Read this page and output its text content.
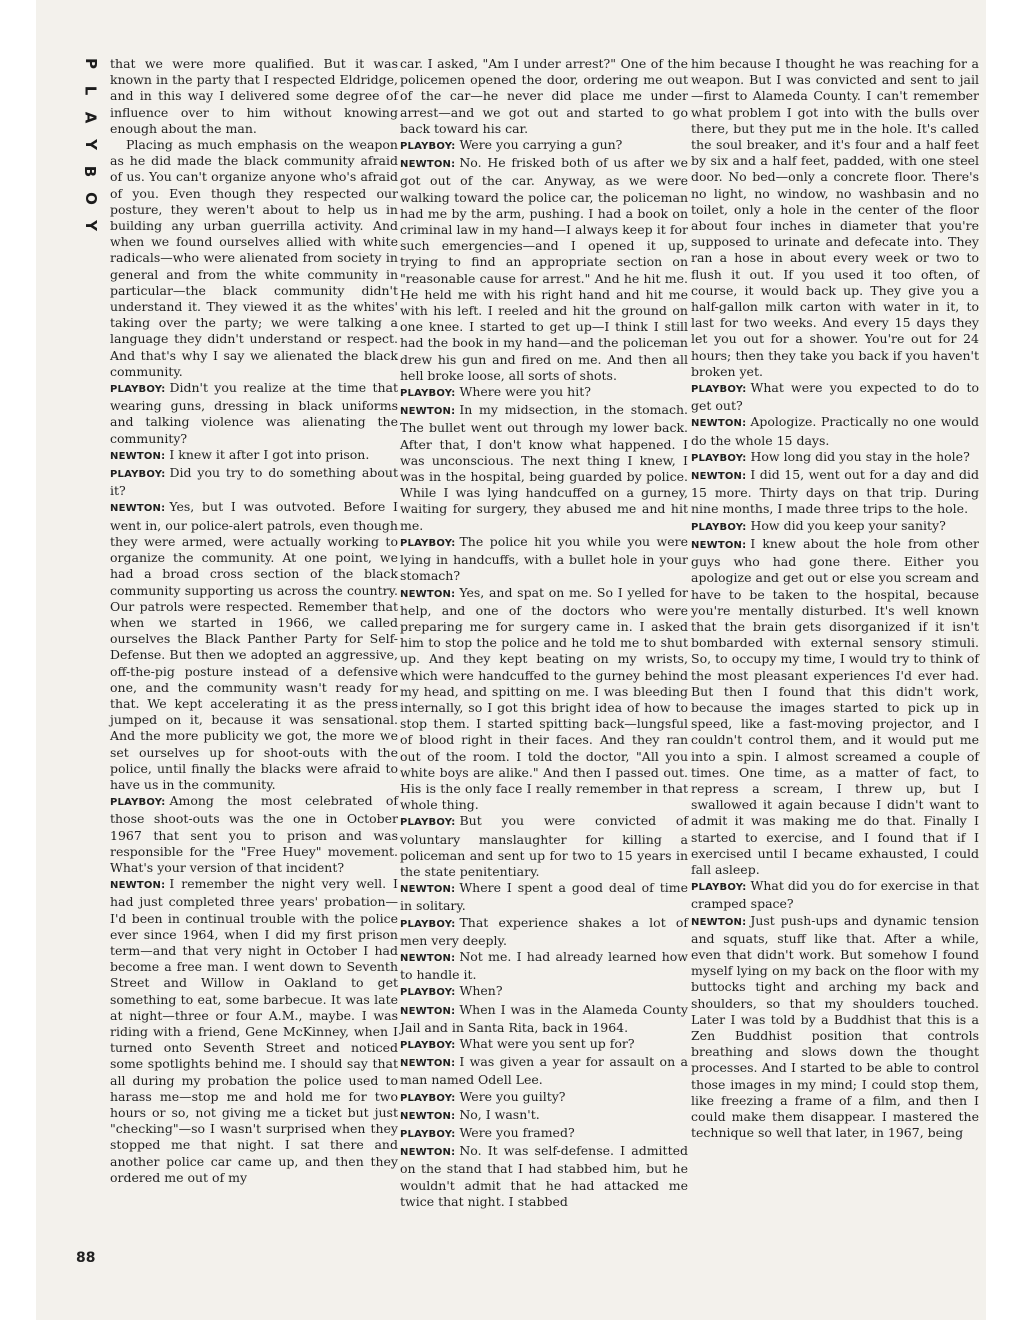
P
L
A
Y
B
O
Y

that we were more qualified. But it was known in the party that I respected Eldridge, and in this way I delivered some degree of influence over to him without knowing enough about the man.

Placing as much emphasis on the weapon as he did made the black community afraid of us. You can't organize anyone who's afraid of you. Even though they respected our posture, they weren't about to help us in building any urban guerrilla activity. And when we found ourselves allied with white radicals—who were alienated from society in general and from the white community in particular—the black community didn't understand it. They viewed it as the whites' taking over the party; we were talking a language they didn't understand or respect. And that's why I say we alienated the black community.

PLAYBOY: Didn't you realize at the time that wearing guns, dressing in black uniforms and talking violence was alienating the community?

NEWTON: I knew it after I got into prison.

PLAYBOY: Did you try to do something about it?

NEWTON: Yes, but I was outvoted. Before I went in, our police-alert patrols, even though they were armed, were actually working to organize the community. At one point, we had a broad cross section of the black community supporting us across the country. Our patrols were respected. Remember that when we started in 1966, we called ourselves the Black Panther Party for Self-Defense. But then we adopted an aggressive, off-the-pig posture instead of a defensive one, and the community wasn't ready for that. We kept accelerating it as the press jumped on it, because it was sensational. And the more publicity we got, the more we set ourselves up for shoot-outs with the police, until finally the blacks were afraid to have us in the community.

PLAYBOY: Among the most celebrated of those shoot-outs was the one in October 1967 that sent you to prison and was responsible for the "Free Huey" movement. What's your version of that incident?

NEWTON: I remember the night very well. I had just completed three years' probation—I'd been in continual trouble with the police ever since 1964, when I did my first prison term—and that very night in October I had become a free man. I went down to Seventh Street and Willow in Oakland to get something to eat, some barbecue. It was late at night—three or four A.M., maybe. I was riding with a friend, Gene McKinney, when I turned onto Seventh Street and noticed some spotlights behind me. I should say that all during my probation the police used to harass me—stop me and hold me for two hours or so, not giving me a ticket but just "checking"—so I wasn't surprised when they stopped me that night. I sat there and another police car came up, and then they ordered me out of my

car. I asked, "Am I under arrest?" One of the policemen opened the door, ordering me out of the car—he never did place me under arrest—and we got out and started to go back toward his car.

PLAYBOY: Were you carrying a gun?

NEWTON: No. He frisked both of us after we got out of the car. Anyway, as we were walking toward the police car, the policeman had me by the arm, pushing. I had a book on criminal law in my hand—I always keep it for such emergencies—and I opened it up, trying to find an appropriate section on "reasonable cause for arrest." And he hit me. He held me with his right hand and hit me with his left. I reeled and hit the ground on one knee. I started to get up—I think I still had the book in my hand—and the policeman drew his gun and fired on me. And then all hell broke loose, all sorts of shots.

PLAYBOY: Where were you hit?

NEWTON: In my midsection, in the stomach. The bullet went out through my lower back. After that, I don't know what happened. I was unconscious. The next thing I knew, I was in the hospital, being guarded by police. While I was lying handcuffed on a gurney, waiting for surgery, they abused me and hit me.

PLAYBOY: The police hit you while you were lying in handcuffs, with a bullet hole in your stomach?

NEWTON: Yes, and spat on me. So I yelled for help, and one of the doctors who were preparing me for surgery came in. I asked him to stop the police and he told me to shut up. And they kept beating on my wrists, which were handcuffed to the gurney behind my head, and spitting on me. I was bleeding internally, so I got this bright idea of how to stop them. I started spitting back—lungsful of blood right in their faces. And they ran out of the room. I told the doctor, "All you white boys are alike." And then I passed out. His is the only face I really remember in that whole thing.

PLAYBOY: But you were convicted of voluntary manslaughter for killing a policeman and sent up for two to 15 years in the state penitentiary.

NEWTON: Where I spent a good deal of time in solitary.

PLAYBOY: That experience shakes a lot of men very deeply.

NEWTON: Not me. I had already learned how to handle it.

PLAYBOY: When?

NEWTON: When I was in the Alameda County Jail and in Santa Rita, back in 1964.

PLAYBOY: What were you sent up for?

NEWTON: I was given a year for assault on a man named Odell Lee.

PLAYBOY: Were you guilty?

NEWTON: No, I wasn't.

PLAYBOY: Were you framed?

NEWTON: No. It was self-defense. I admitted on the stand that I had stabbed him, but he wouldn't admit that he had attacked me twice that night. I stabbed

him because I thought he was reaching for a weapon. But I was convicted and sent to jail—first to Alameda County. I can't remember what problem I got into with the bulls over there, but they put me in the hole. It's called the soul breaker, and it's four and a half feet by six and a half feet, padded, with one steel door. No bed—only a concrete floor. There's no light, no window, no washbasin and no toilet, only a hole in the center of the floor about four inches in diameter that you're supposed to urinate and defecate into. They ran a hose in about every week or two to flush it out. If you used it too often, of course, it would back up. They give you a half-gallon milk carton with water in it, to last for two weeks. And every 15 days they let you out for a shower. You're out for 24 hours; then they take you back if you haven't broken yet.

PLAYBOY: What were you expected to do to get out?

NEWTON: Apologize. Practically no one would do the whole 15 days.

PLAYBOY: How long did you stay in the hole?

NEWTON: I did 15, went out for a day and did 15 more. Thirty days on that trip. During nine months, I made three trips to the hole.

PLAYBOY: How did you keep your sanity?

NEWTON: I knew about the hole from other guys who had gone there. Either you apologize and get out or else you scream and have to be taken to the hospital, because you're mentally disturbed. It's well known that the brain gets disorganized if it isn't bombarded with external sensory stimuli. So, to occupy my time, I would try to think of the most pleasant experiences I'd ever had. But then I found that this didn't work, because the images started to pick up in speed, like a fast-moving projector, and I couldn't control them, and it would put me into a spin. I almost screamed a couple of times. One time, as a matter of fact, to repress a scream, I threw up, but I swallowed it again because I didn't want to admit it was making me do that. Finally I started to exercise, and I found that if I exercised until I became exhausted, I could fall asleep.

PLAYBOY: What did you do for exercise in that cramped space?

NEWTON: Just push-ups and dynamic tension and squats, stuff like that. After a while, even that didn't work. But somehow I found myself lying on my back on the floor with my buttocks tight and arching my back and shoulders, so that my shoulders touched. Later I was told by a Buddhist that this is a Zen Buddhist position that controls breathing and slows down the thought processes. And I started to be able to control those images in my mind; I could stop them, like freezing a frame of a film, and then I could make them disappear. I mastered the technique so well that later, in 1967, being

88
